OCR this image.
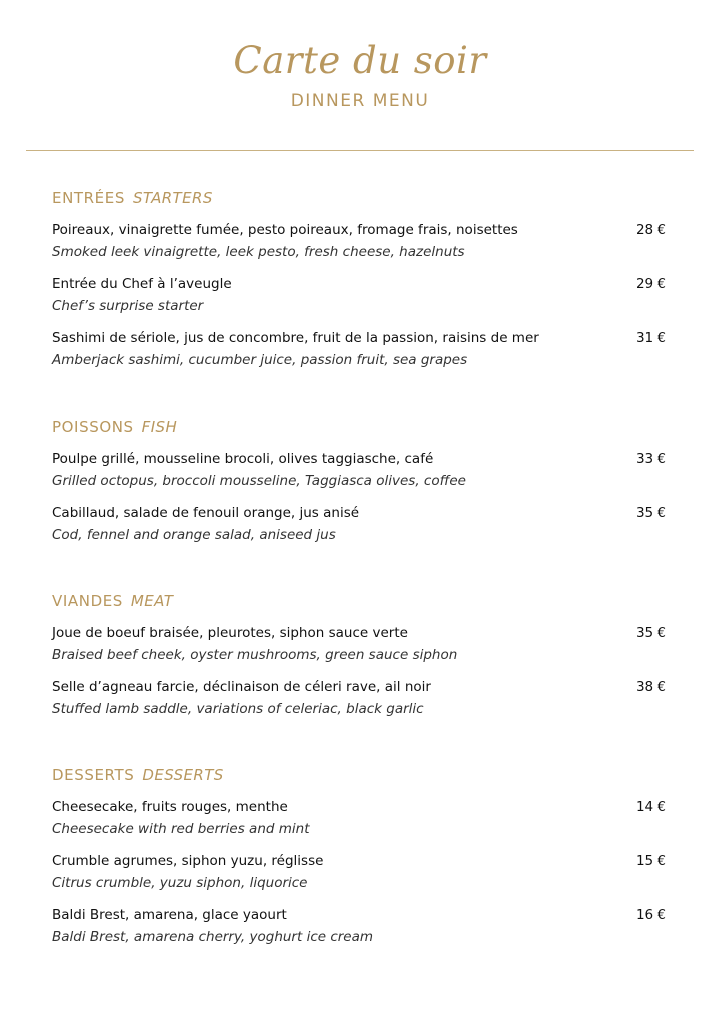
Carte du soir
DINNER MENU
ENTRÉES STARTERS
Poireaux, vinaigrette fumée, pesto poireaux, fromage frais, noisettes	28 €
Smoked leek vinaigrette, leek pesto, fresh cheese, hazelnuts
Entrée du Chef à l’aveugle	29 €
Chef’s surprise starter
Sashimi de sériole, jus de concombre, fruit de la passion, raisins de mer	31 €
Amberjack sashimi, cucumber juice, passion fruit, sea grapes
POISSONS FISH
Poulpe grillé, mousseline brocoli, olives taggiasche, café	33 €
Grilled octopus, broccoli mousseline, Taggiasca olives, coffee
Cabillaud, salade de fenouil orange, jus anisé	35 €
Cod, fennel and orange salad, aniseed jus
VIANDES MEAT
Joue de boeuf braisée, pleurotes, siphon sauce verte	35 €
Braised beef cheek, oyster mushrooms, green sauce siphon
Selle d’agneau farcie, déclinaison de céleri rave, ail noir	38 €
Stuffed lamb saddle, variations of celeriac, black garlic
DESSERTS DESSERTS
Cheesecake, fruits rouges, menthe	14 €
Cheesecake with red berries and mint
Crumble agrumes, siphon yuzu, réglisse	15 €
Citrus crumble, yuzu siphon, liquorice
Baldi Brest, amarena, glace yaourt	16 €
Baldi Brest, amarena cherry, yoghurt ice cream
